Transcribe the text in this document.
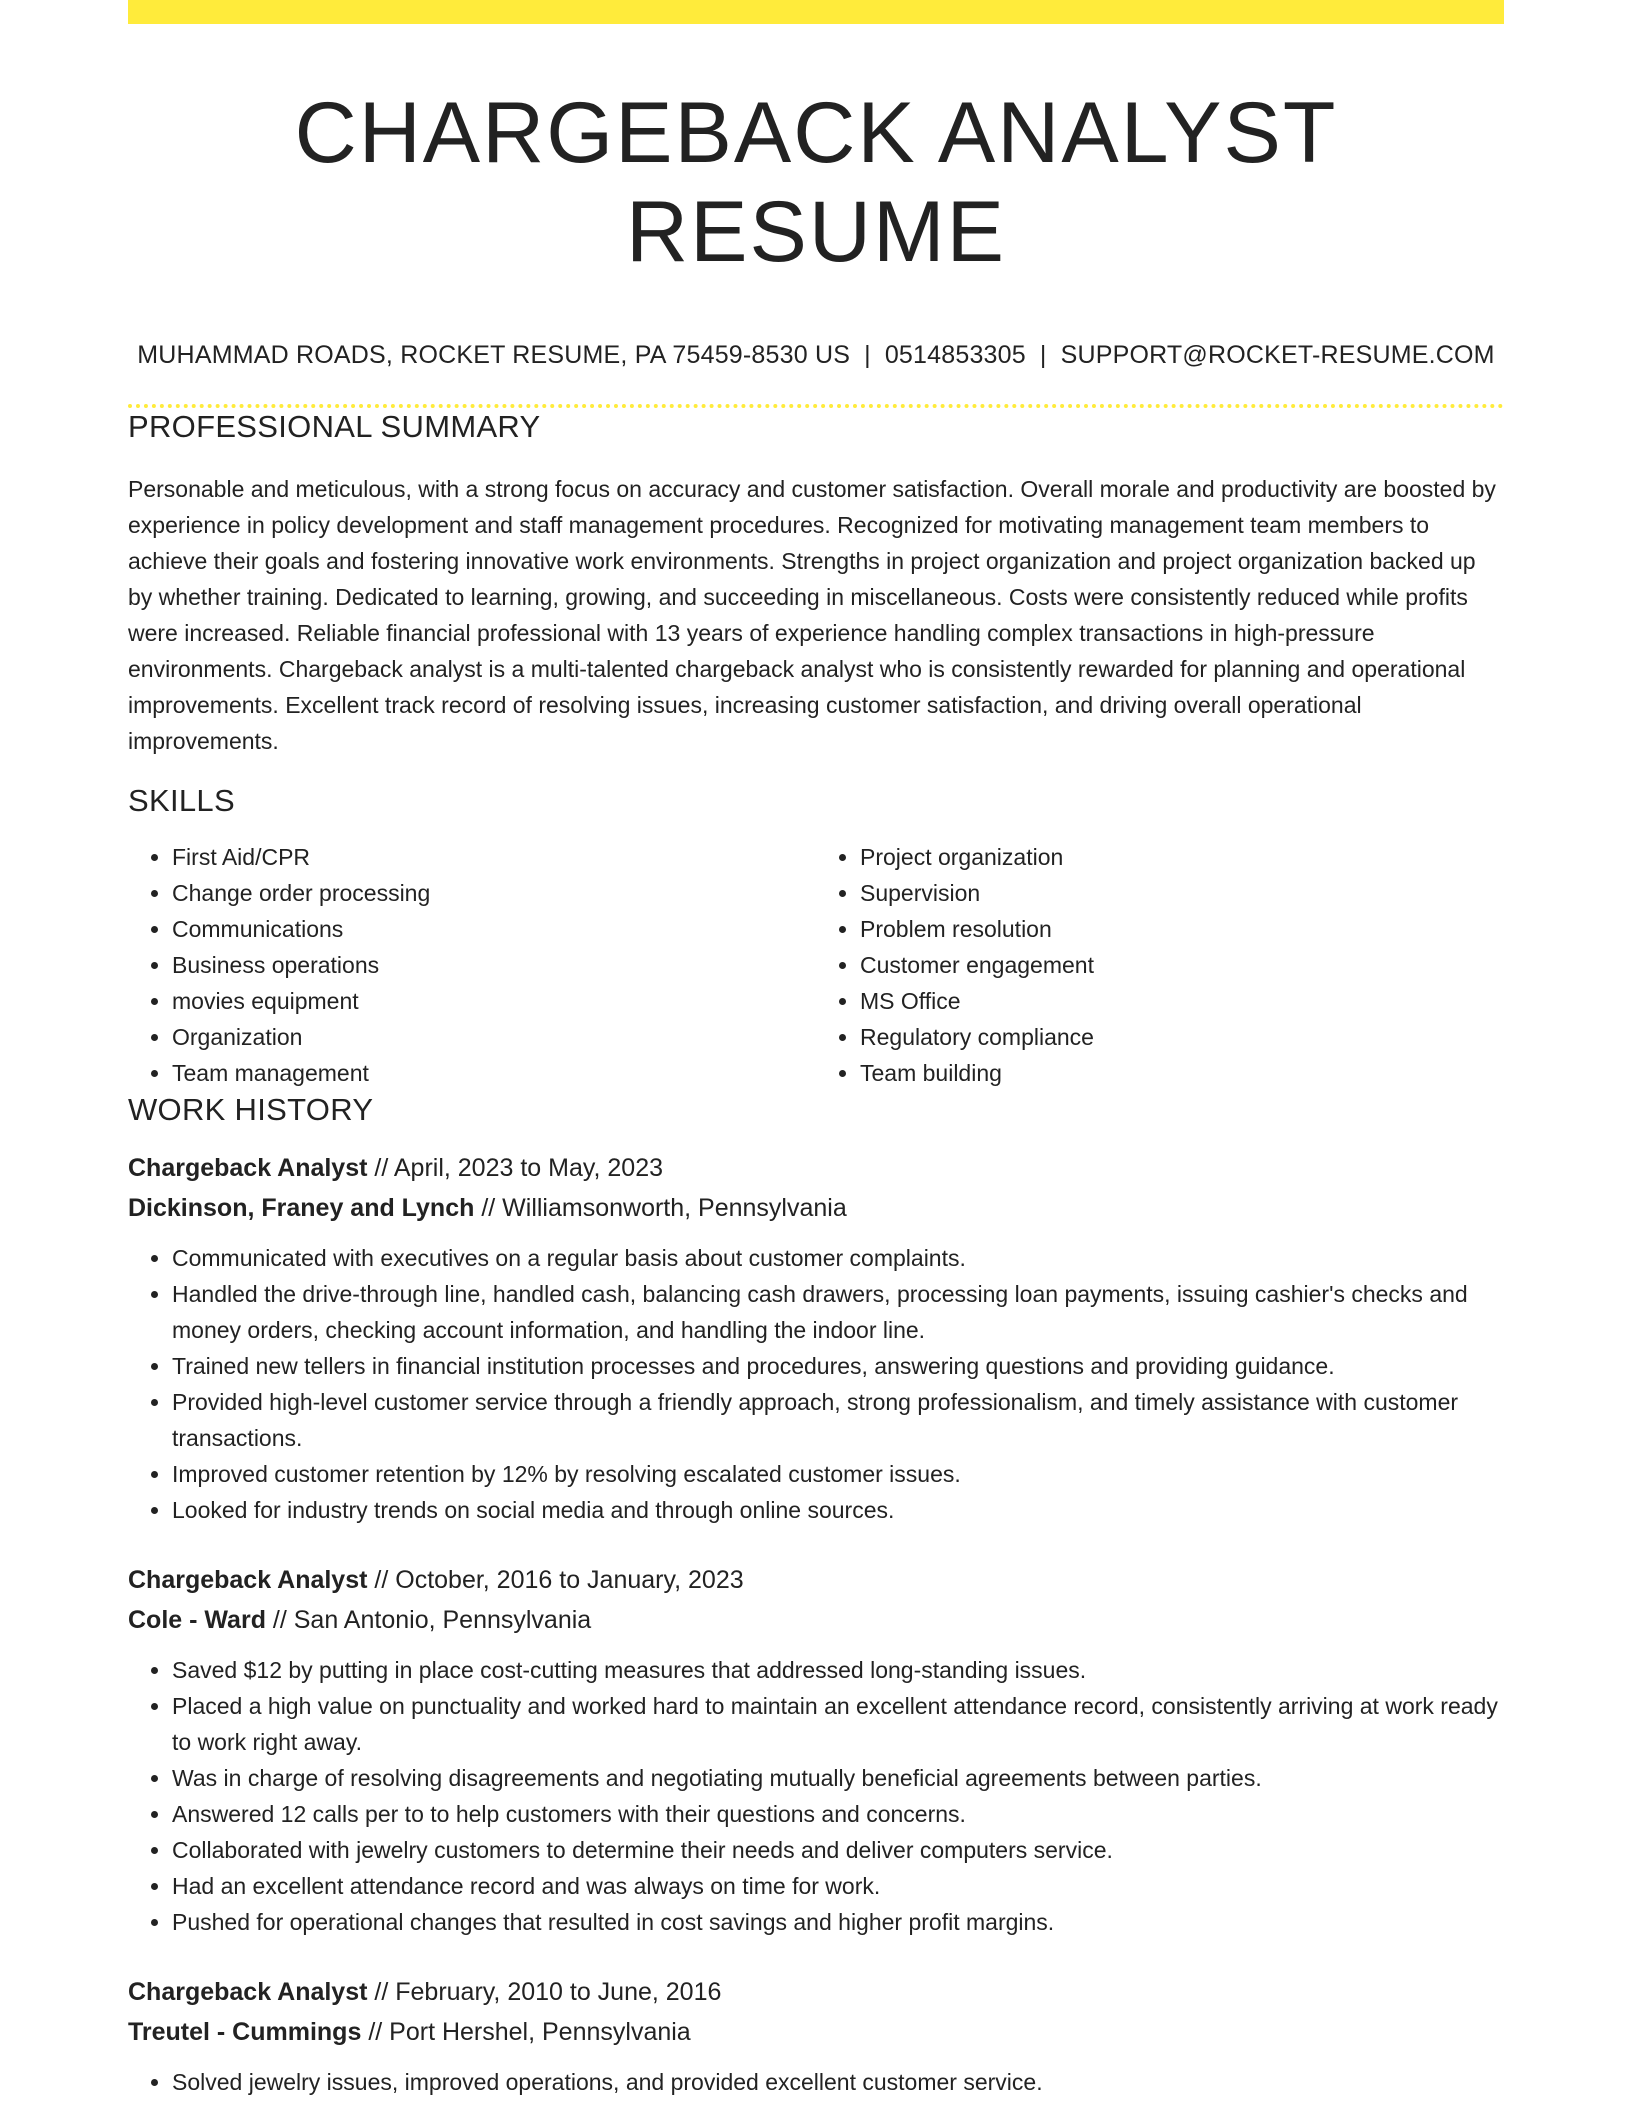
CHARGEBACK ANALYST RESUME
MUHAMMAD ROADS, ROCKET RESUME, PA 75459-8530 US | 0514853305 | SUPPORT@ROCKET-RESUME.COM
PROFESSIONAL SUMMARY

Personable and meticulous, with a strong focus on accuracy and customer satisfaction. Overall morale and productivity are boosted by experience in policy development and staff management procedures. Recognized for motivating management team members to achieve their goals and fostering innovative work environments. Strengths in project organization and project organization backed up by whether training. Dedicated to learning, growing, and succeeding in miscellaneous. Costs were consistently reduced while profits were increased. Reliable financial professional with 13 years of experience handling complex transactions in high-pressure environments. Chargeback analyst is a multi-talented chargeback analyst who is consistently rewarded for planning and operational improvements. Excellent track record of resolving issues, increasing customer satisfaction, and driving overall operational improvements.

SKILLS
• First Aid/CPR
• Change order processing
• Communications
• Business operations
• movies equipment
• Organization
• Team management
• Project organization
• Supervision
• Problem resolution
• Customer engagement
• MS Office
• Regulatory compliance
• Team building
WORK HISTORY
Chargeback Analyst // April, 2023 to May, 2023
Dickinson, Franey and Lynch // Williamsonworth, Pennsylvania
• Communicated with executives on a regular basis about customer complaints.
• Handled the drive-through line, handled cash, balancing cash drawers, processing loan payments, issuing cashier's checks and money orders, checking account information, and handling the indoor line.
• Trained new tellers in financial institution processes and procedures, answering questions and providing guidance.
• Provided high-level customer service through a friendly approach, strong professionalism, and timely assistance with customer transactions.
• Improved customer retention by 12% by resolving escalated customer issues.
• Looked for industry trends on social media and through online sources.
Chargeback Analyst // October, 2016 to January, 2023
Cole - Ward // San Antonio, Pennsylvania
• Saved $12 by putting in place cost-cutting measures that addressed long-standing issues.
• Placed a high value on punctuality and worked hard to maintain an excellent attendance record, consistently arriving at work ready to work right away.
• Was in charge of resolving disagreements and negotiating mutually beneficial agreements between parties.
• Answered 12 calls per to to help customers with their questions and concerns.
• Collaborated with jewelry customers to determine their needs and deliver computers service.
• Had an excellent attendance record and was always on time for work.
• Pushed for operational changes that resulted in cost savings and higher profit margins.
Chargeback Analyst // February, 2010 to June, 2016
Treutel - Cummings // Port Hershel, Pennsylvania
• Solved jewelry issues, improved operations, and provided excellent customer service.
